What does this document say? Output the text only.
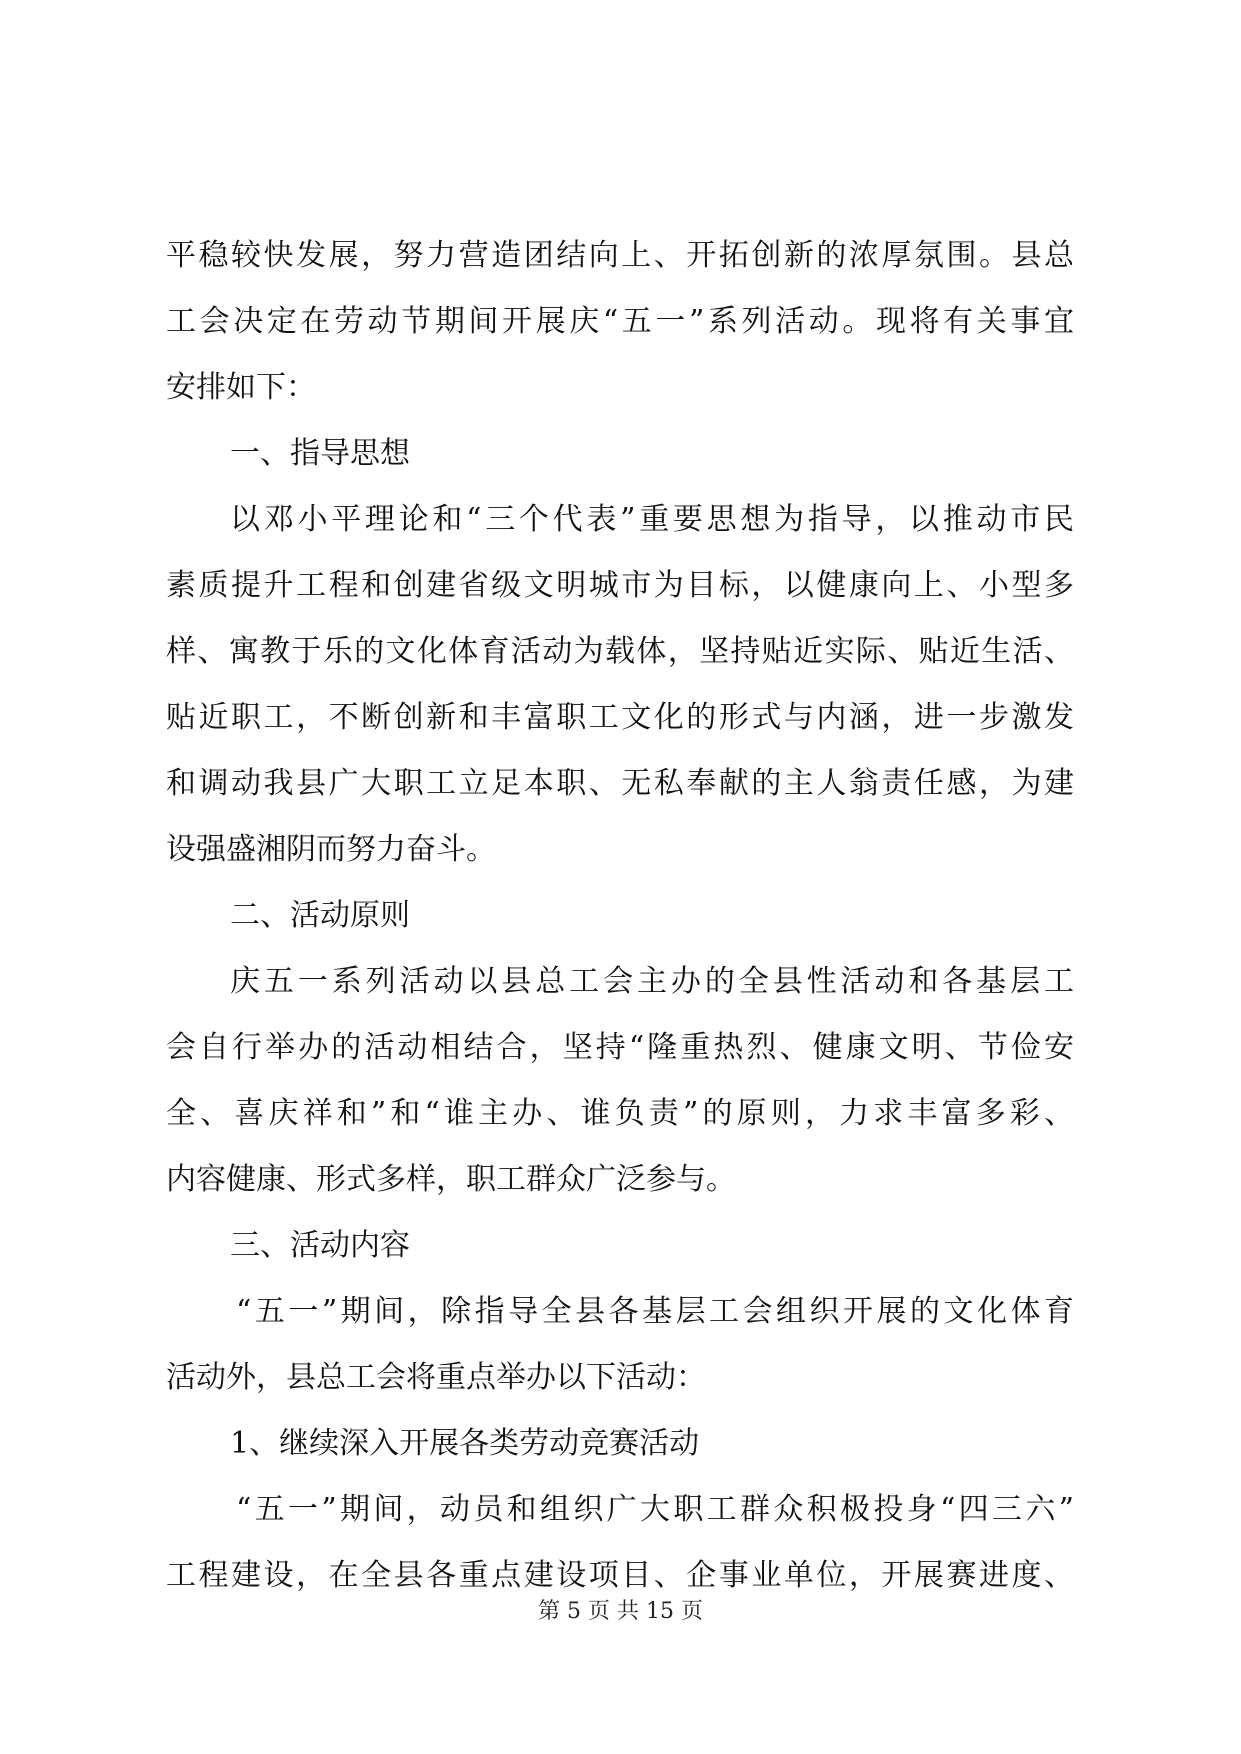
平稳较快发展，努力营造团结向上、开拓创新的浓厚氛围。县总
工会决定在劳动节期间开展庆“五一”系列活动。现将有关事宜
安排如下：
一、指导思想
以邓小平理论和“三个代表”重要思想为指导，以推动市民
素质提升工程和创建省级文明城市为目标，以健康向上、小型多
样、寓教于乐的文化体育活动为载体，坚持贴近实际、贴近生活、
贴近职工，不断创新和丰富职工文化的形式与内涵，进一步激发
和调动我县广大职工立足本职、无私奉献的主人翁责任感，为建
设强盛湘阴而努力奋斗。
二、活动原则
庆五一系列活动以县总工会主办的全县性活动和各基层工
会自行举办的活动相结合，坚持“隆重热烈、健康文明、节俭安
全、喜庆祥和”和“谁主办、谁负责”的原则，力求丰富多彩、
内容健康、形式多样，职工群众广泛参与。
三、活动内容
“五一”期间，除指导全县各基层工会组织开展的文化体育
活动外，县总工会将重点举办以下活动：
1、继续深入开展各类劳动竞赛活动
“五一”期间，动员和组织广大职工群众积极投身“四三六”
工程建设，在全县各重点建设项目、企事业单位，开展赛进度、
第 5 页 共 15 页
